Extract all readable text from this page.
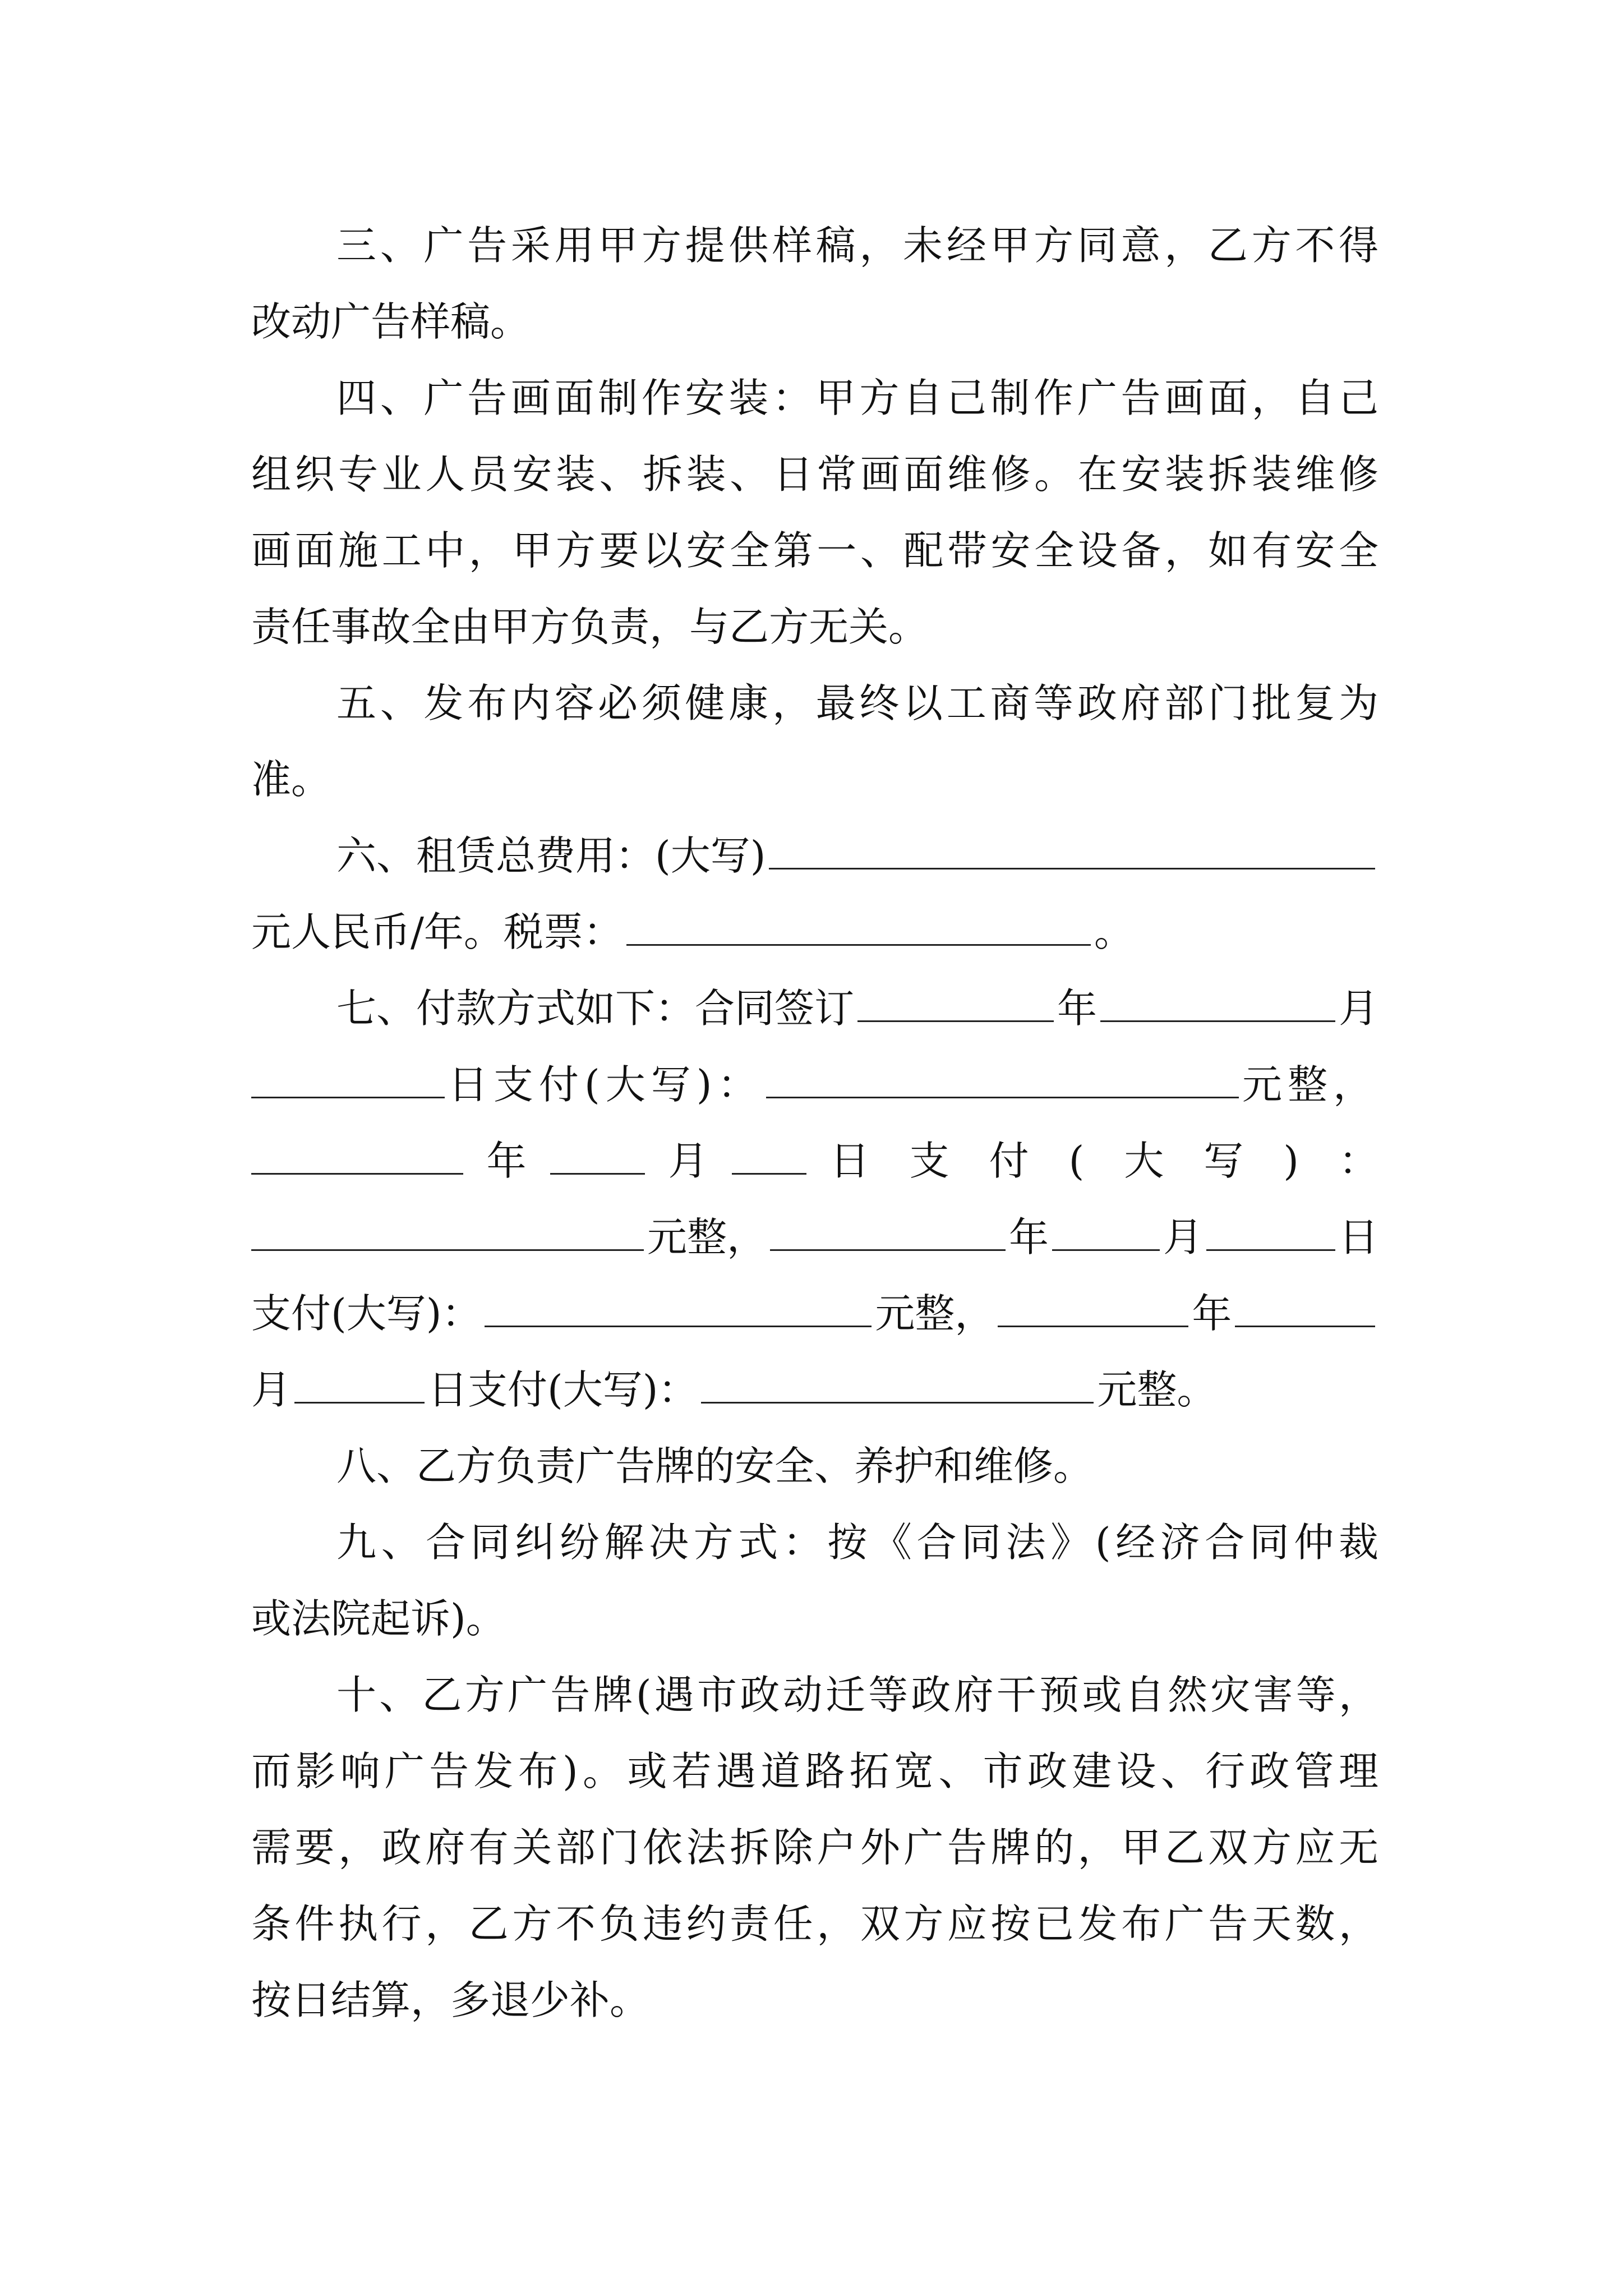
三、广告采用甲方提供样稿，未经甲方同意，乙方不得
改动广告样稿。
四、广告画面制作安装：甲方自己制作广告画面，自己
组织专业人员安装、拆装、日常画面维修。在安装拆装维修
画面施工中，甲方要以安全第一、配带安全设备，如有安全
责任事故全由甲方负责，与乙方无关。
五、发布内容必须健康，最终以工商等政府部门批复为
准。
六、租赁总费用：(大写)
元人民币/年。税票：	。
七、付款方式如下：合同签订	年	月
日支付(大写)：	元整，
年	月	日　支　付　(　大　写　)　：
元整，	年	月	日
支付(大写)：	元整，	年
月	日支付(大写)：	元整。
八、乙方负责广告牌的安全、养护和维修。
九、合同纠纷解决方式：按《合同法》(经济合同仲裁
或法院起诉)。
十、乙方广告牌(遇市政动迁等政府干预或自然灾害等，
而影响广告发布)。或若遇道路拓宽、市政建设、行政管理
需要，政府有关部门依法拆除户外广告牌的，甲乙双方应无
条件执行，乙方不负违约责任，双方应按已发布广告天数，
按日结算，多退少补。
